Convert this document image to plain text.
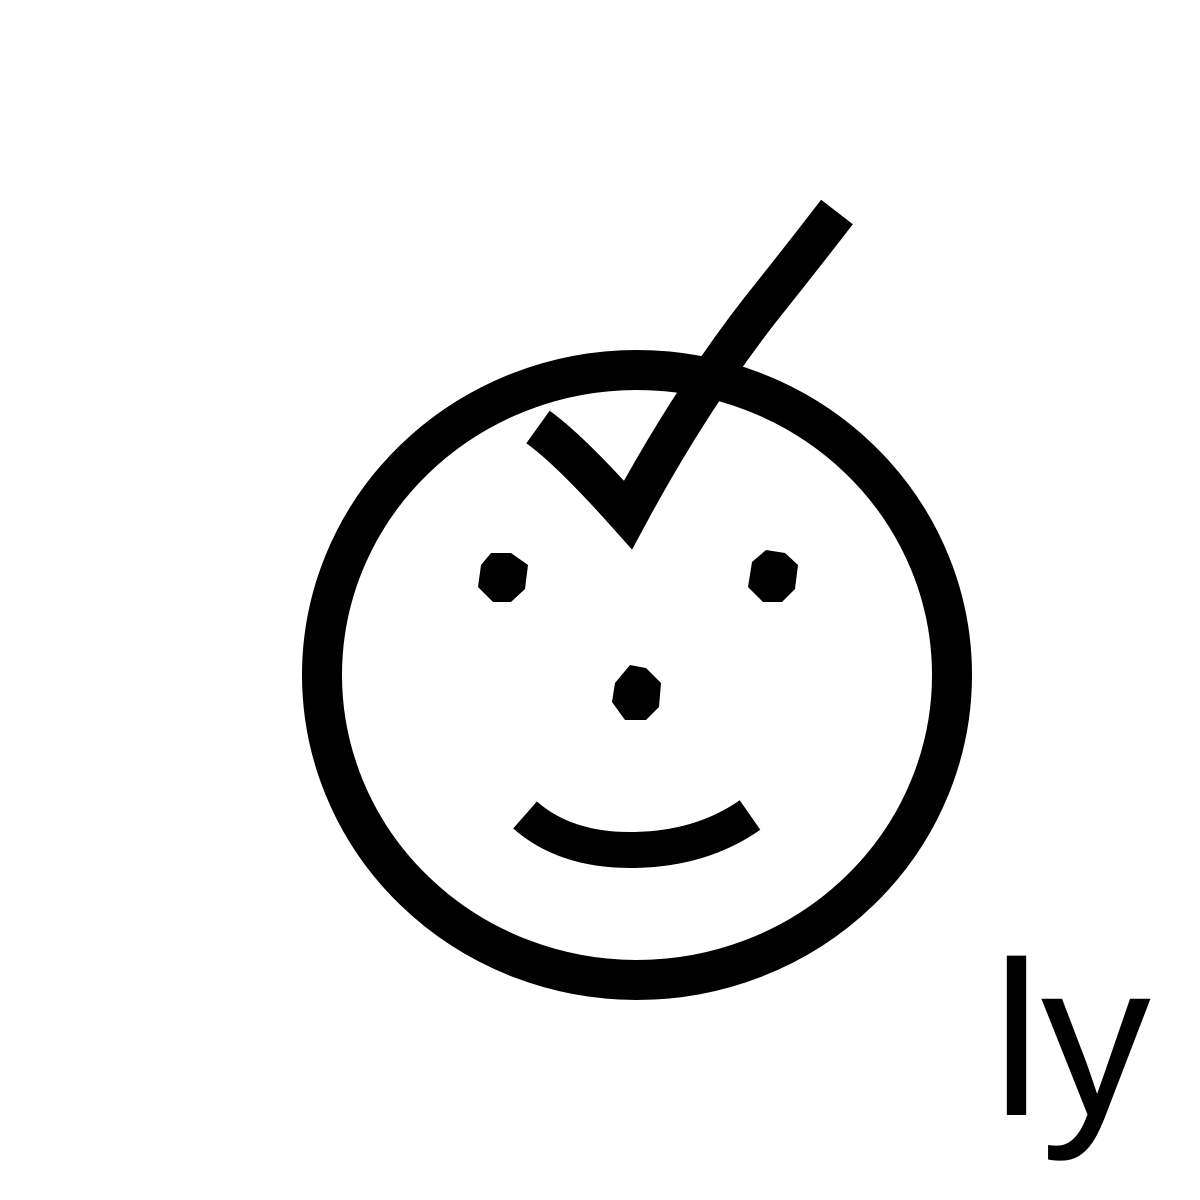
ly
